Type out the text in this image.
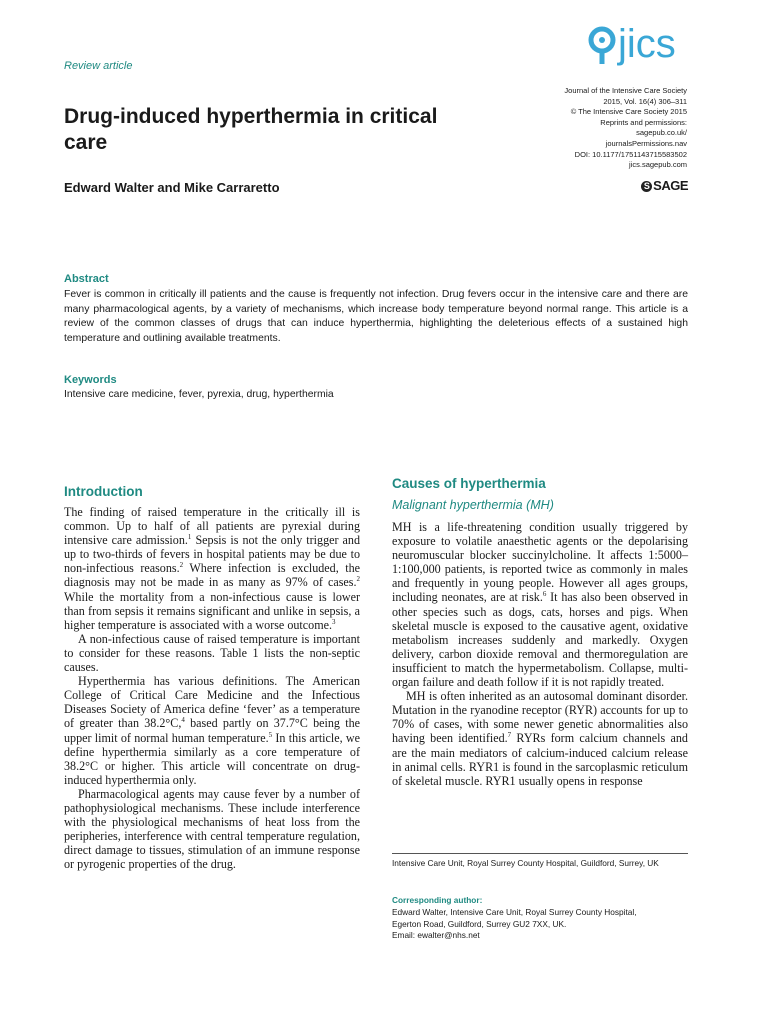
Review article	jics
Journal of the Intensive Care Society
2015, Vol. 16(4) 306–311
© The Intensive Care Society 2015
Reprints and permissions:
sagepub.co.uk/
journalsPermissions.nav
DOI: 10.1177/1751143715583502
jics.sagepub.com
S SAGE
Drug-induced hyperthermia in critical care
Edward Walter and Mike Carraretto
Abstract
Fever is common in critically ill patients and the cause is frequently not infection. Drug fevers occur in the intensive care and there are many pharmacological agents, by a variety of mechanisms, which increase body temperature beyond normal range. This article is a review of the common classes of drugs that can induce hyperthermia, highlighting the deleterious effects of a sustained high temperature and outlining available treatments.
Keywords
Intensive care medicine, fever, pyrexia, drug, hyperthermia
Introduction

The finding of raised temperature in the critically ill is common. Up to half of all patients are pyrexial during intensive care admission.$^1$ Sepsis is not the only trigger and up to two-thirds of fevers in hospital patients may be due to non-infectious reasons.$^2$ Where infection is excluded, the diagnosis may not be made in as many as 97% of cases.$^2$ While the mortality from a non-infectious cause is lower than from sepsis it remains significant and unlike in sepsis, a higher temperature is associated with a worse outcome.$^3$

A non-infectious cause of raised temperature is important to consider for these reasons. Table 1 lists the non-septic causes.

Hyperthermia has various definitions. The American College of Critical Care Medicine and the Infectious Diseases Society of America define ‘fever’ as a temperature of greater than 38.2°C,$^4$ based partly on 37.7°C being the upper limit of normal human temperature.$^5$ In this article, we define hyperthermia similarly as a core temperature of 38.2°C or higher. This article will concentrate on drug-induced hyperthermia only.

Pharmacological agents may cause fever by a number of pathophysiological mechanisms. These include interference with the physiological mechanisms of heat loss from the peripheries, interference with central temperature regulation, direct damage to tissues, stimulation of an immune response or pyrogenic properties of the drug.

Causes of hyperthermia
Malignant hyperthermia (MH)

MH is a life-threatening condition usually triggered by exposure to volatile anaesthetic agents or the depolarising neuromuscular blocker succinylcholine. It affects 1:5000–1:100,000 patients, is reported twice as commonly in males and frequently in young people. However all ages groups, including neonates, are at risk.$^6$ It has also been observed in other species such as dogs, cats, horses and pigs. When skeletal muscle is exposed to the causative agent, oxidative metabolism increases suddenly and markedly. Oxygen delivery, carbon dioxide removal and thermoregulation are insufficient to match the hypermetabolism. Collapse, multi-organ failure and death follow if it is not rapidly treated.

MH is often inherited as an autosomal dominant disorder. Mutation in the ryanodine receptor (RYR) accounts for up to 70% of cases, with some newer genetic abnormalities also having been identified.$^7$ RYRs form calcium channels and are the main mediators of calcium-induced calcium release in animal cells. RYR1 is found in the sarcoplasmic reticulum of skeletal muscle. RYR1 usually opens in response

Intensive Care Unit, Royal Surrey County Hospital, Guildford, Surrey, UK
Corresponding author:
Edward Walter, Intensive Care Unit, Royal Surrey County Hospital,
Egerton Road, Guildford, Surrey GU2 7XX, UK.
Email: ewalter@nhs.net
